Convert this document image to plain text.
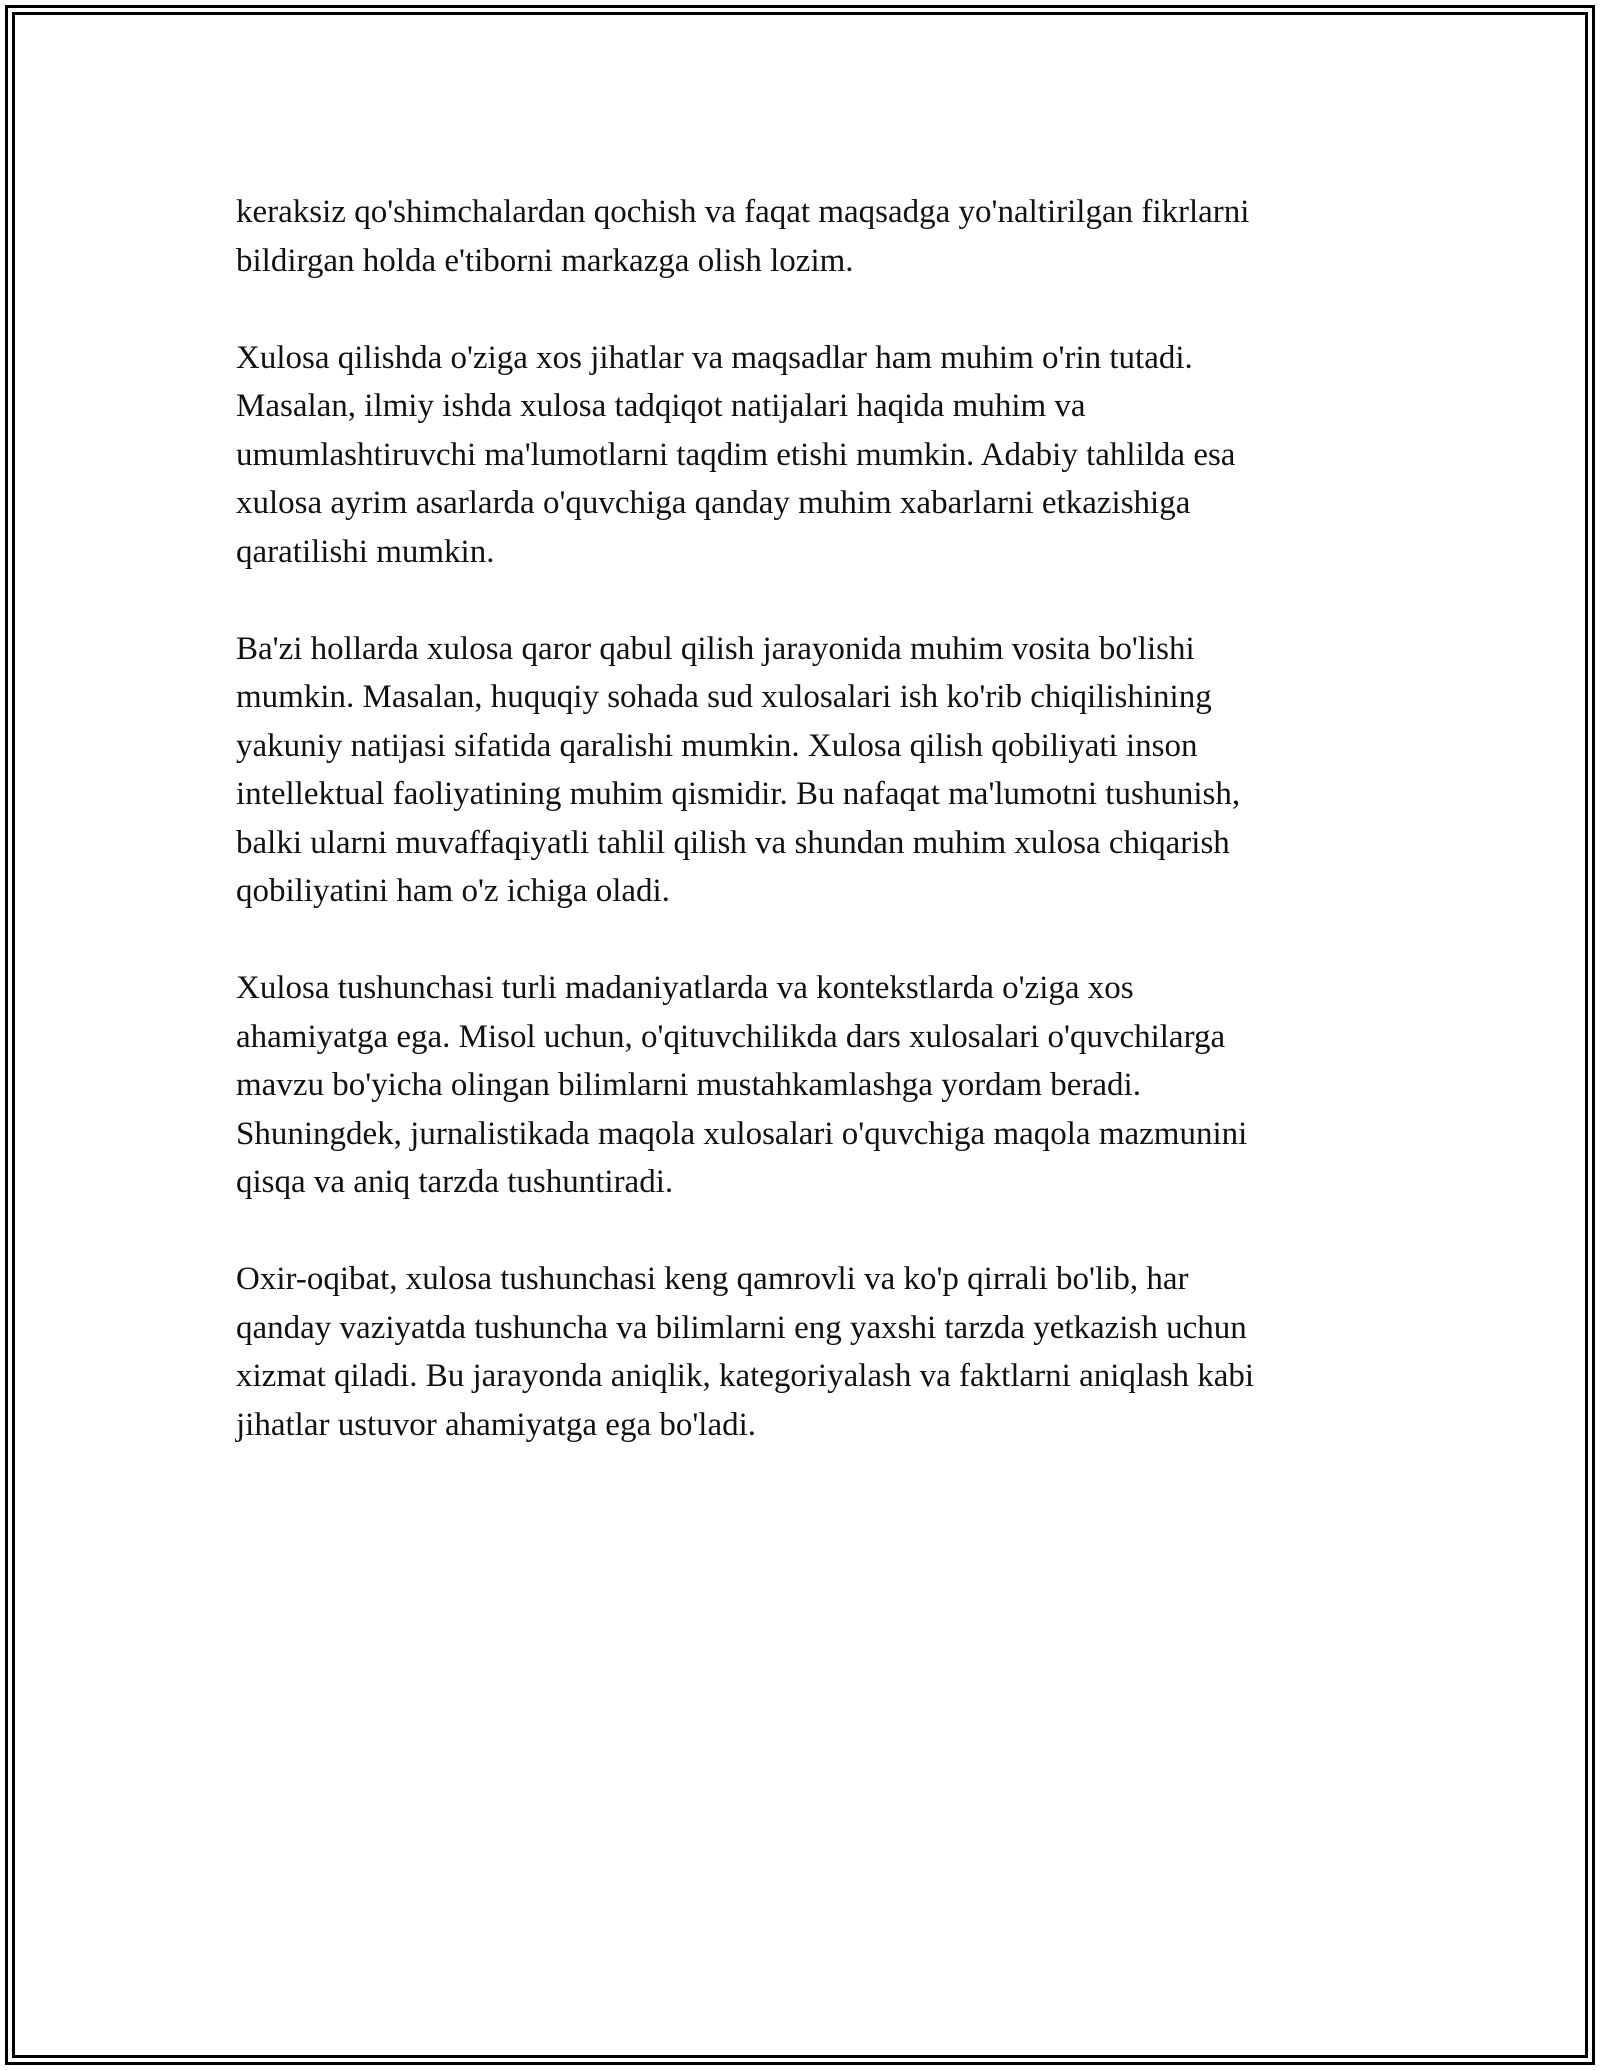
keraksiz qo'shimchalardan qochish va faqat maqsadga yo'naltirilgan fikrlarni
bildirgan holda e'tiborni markazga olish lozim.

Xulosa qilishda o'ziga xos jihatlar va maqsadlar ham muhim o'rin tutadi.
Masalan, ilmiy ishda xulosa tadqiqot natijalari haqida muhim va
umumlashtiruvchi ma'lumotlarni taqdim etishi mumkin. Adabiy tahlilda esa
xulosa ayrim asarlarda o'quvchiga qanday muhim xabarlarni etkazishiga
qaratilishi mumkin.

Ba'zi hollarda xulosa qaror qabul qilish jarayonida muhim vosita bo'lishi
mumkin. Masalan, huquqiy sohada sud xulosalari ish ko'rib chiqilishining
yakuniy natijasi sifatida qaralishi mumkin. Xulosa qilish qobiliyati inson
intellektual faoliyatining muhim qismidir. Bu nafaqat ma'lumotni tushunish,
balki ularni muvaffaqiyatli tahlil qilish va shundan muhim xulosa chiqarish
qobiliyatini ham o'z ichiga oladi.

Xulosa tushunchasi turli madaniyatlarda va kontekstlarda o'ziga xos
ahamiyatga ega. Misol uchun, o'qituvchilikda dars xulosalari o'quvchilarga
mavzu bo'yicha olingan bilimlarni mustahkamlashga yordam beradi.
Shuningdek, jurnalistikada maqola xulosalari o'quvchiga maqola mazmunini
qisqa va aniq tarzda tushuntiradi.

Oxir-oqibat, xulosa tushunchasi keng qamrovli va ko'p qirrali bo'lib, har
qanday vaziyatda tushuncha va bilimlarni eng yaxshi tarzda yetkazish uchun
xizmat qiladi. Bu jarayonda aniqlik, kategoriyalash va faktlarni aniqlash kabi
jihatlar ustuvor ahamiyatga ega bo'ladi.
